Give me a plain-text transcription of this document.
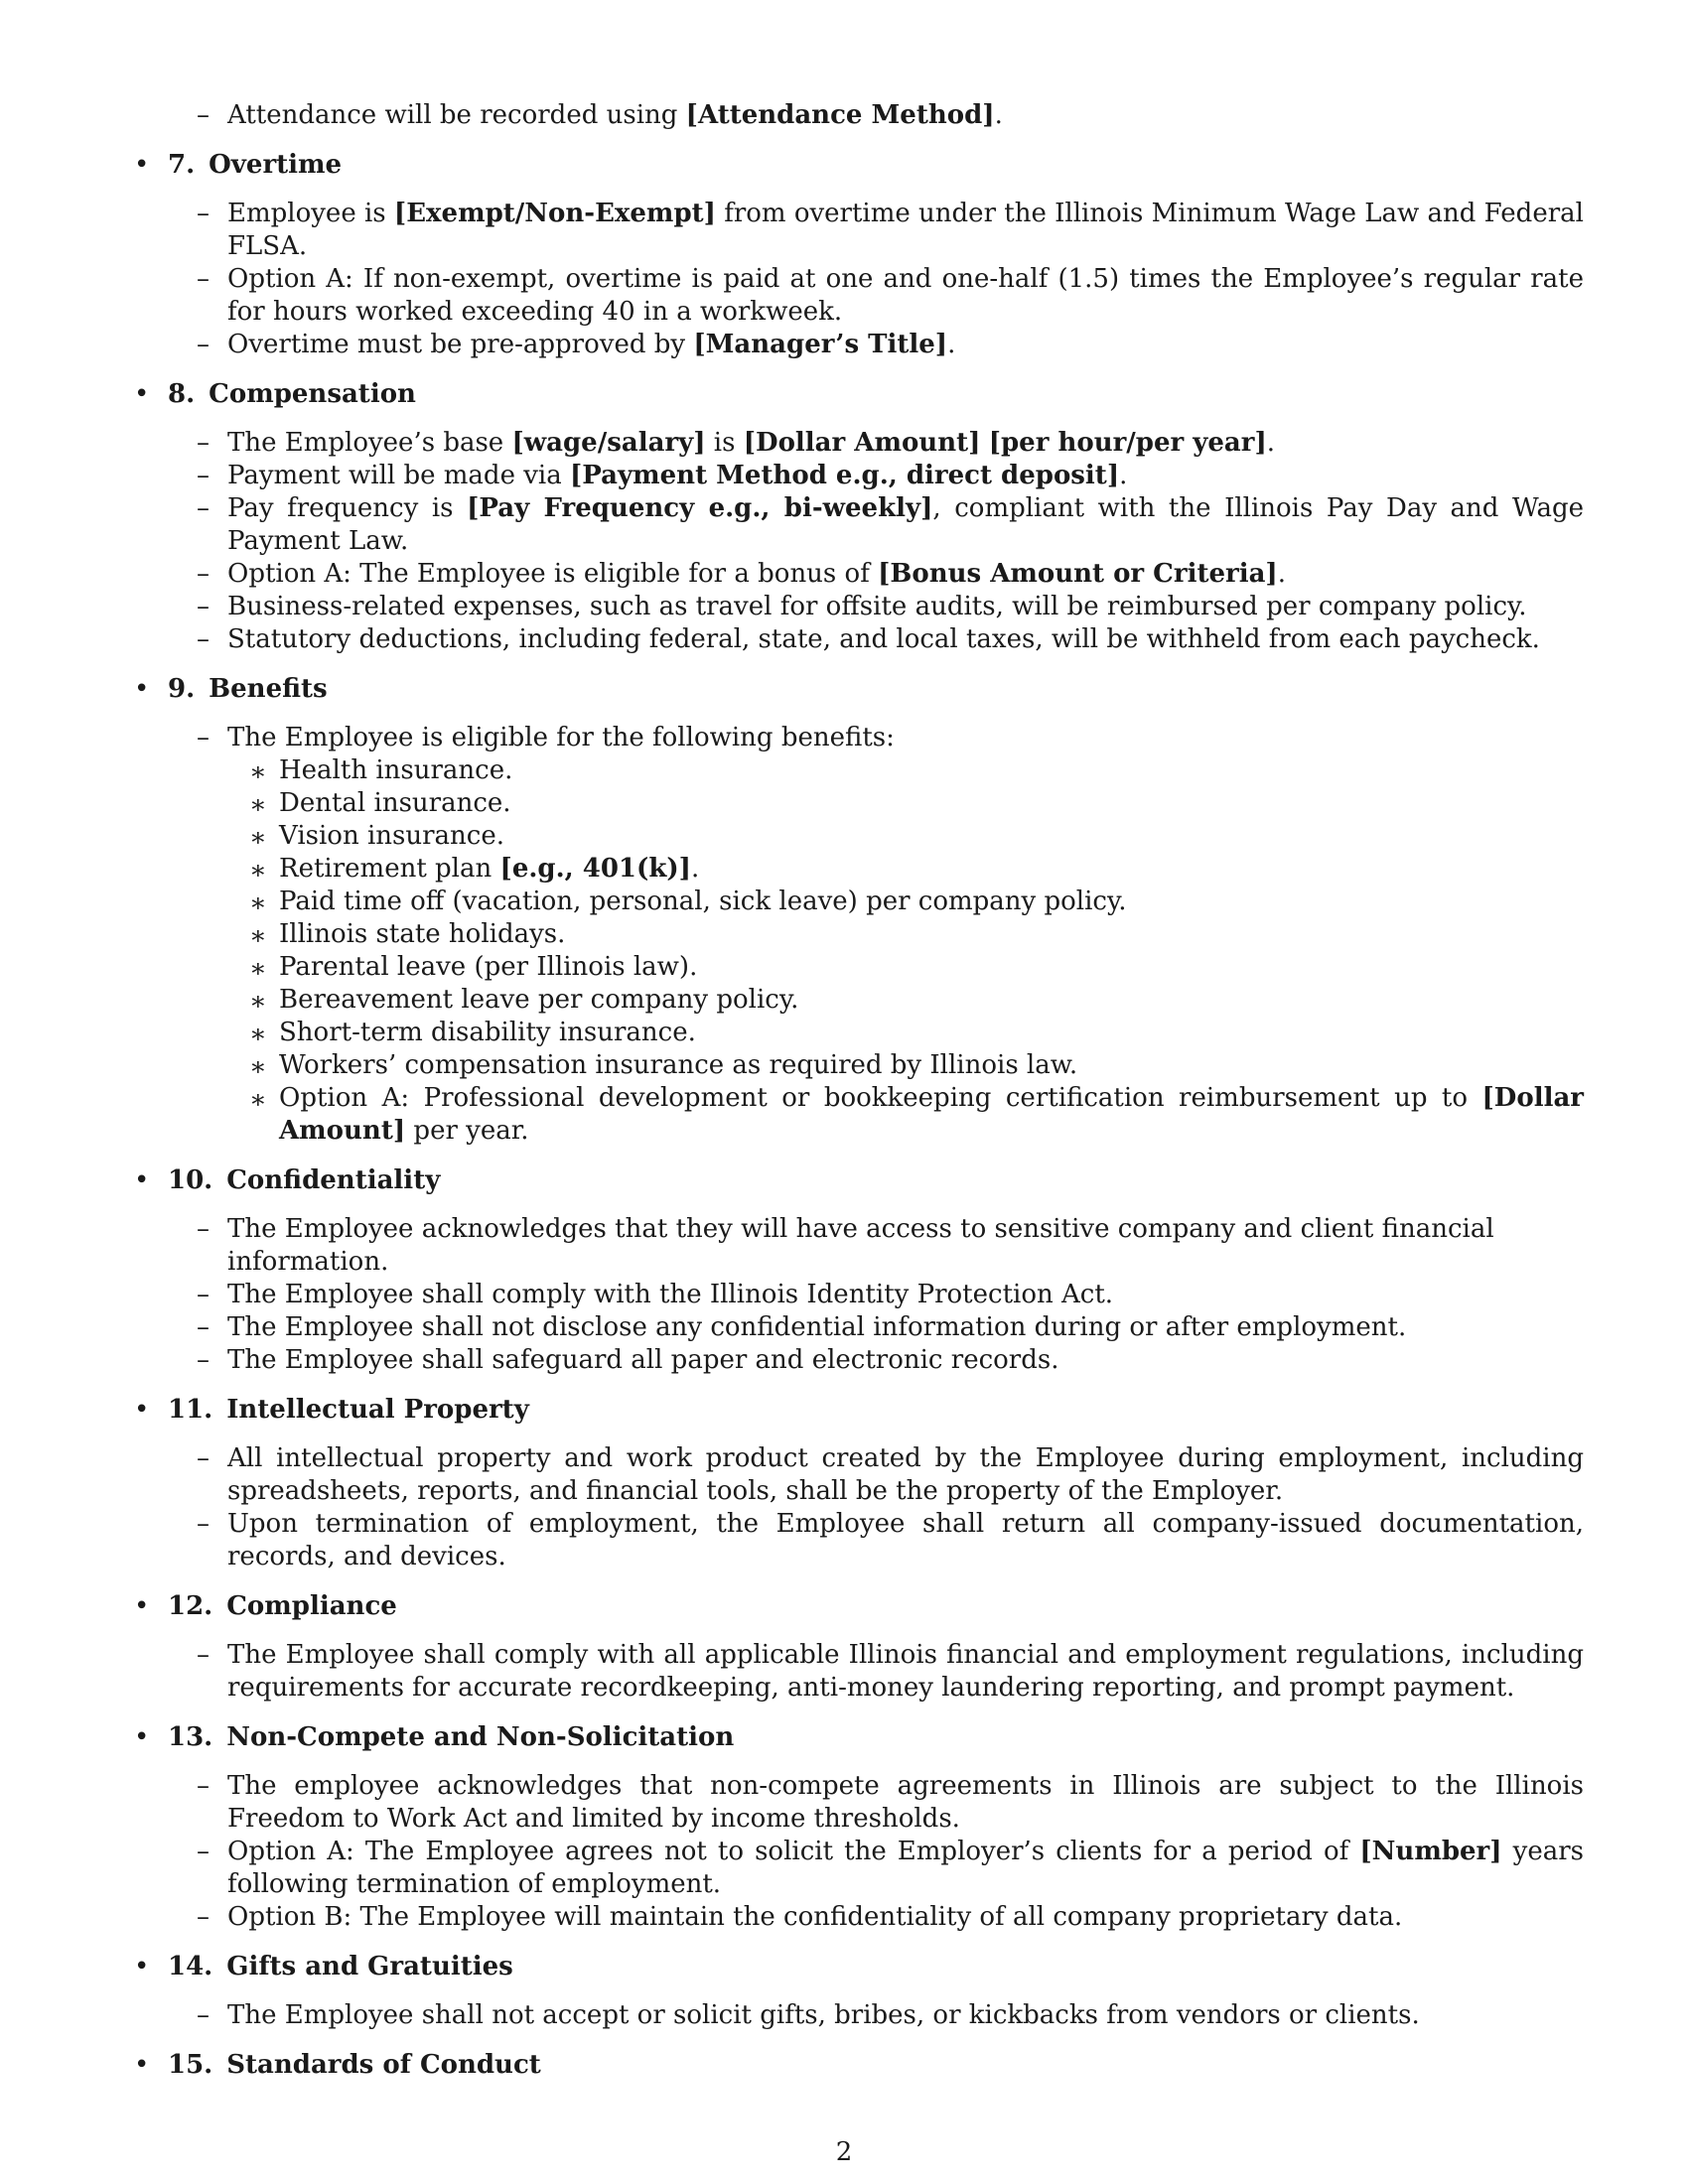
– Attendance will be recorded using [Attendance Method].

• 7. Overtime

– Employee is [Exempt/Non-Exempt] from overtime under the Illinois Minimum Wage Law and Federal FLSA.

– Option A: If non-exempt, overtime is paid at one and one-half (1.5) times the Employee’s regular rate for hours worked exceeding 40 in a workweek.

– Overtime must be pre-approved by [Manager’s Title].

• 8. Compensation

– The Employee’s base [wage/salary] is [Dollar Amount] [per hour/per year].

– Payment will be made via [Payment Method e.g., direct deposit].

– Pay frequency is [Pay Frequency e.g., bi-weekly], compliant with the Illinois Pay Day and Wage Payment Law.

– Option A: The Employee is eligible for a bonus of [Bonus Amount or Criteria].

– Business-related expenses, such as travel for offsite audits, will be reimbursed per company policy.

– Statutory deductions, including federal, state, and local taxes, will be withheld from each paycheck.

• 9. Benefits

– The Employee is eligible for the following benefits:

∗ Health insurance.
∗ Dental insurance.
∗ Vision insurance.
∗ Retirement plan [e.g., 401(k)].
∗ Paid time off (vacation, personal, sick leave) per company policy.
∗ Illinois state holidays.
∗ Parental leave (per Illinois law).
∗ Bereavement leave per company policy.
∗ Short-term disability insurance.
∗ Workers’ compensation insurance as required by Illinois law.
∗ Option A: Professional development or bookkeeping certification reimbursement up to [Dollar Amount] per year.
• 10. Confidentiality

– The Employee acknowledges that they will have access to sensitive company and client financial information.

– The Employee shall comply with the Illinois Identity Protection Act.

– The Employee shall not disclose any confidential information during or after employment.

– The Employee shall safeguard all paper and electronic records.

• 11. Intellectual Property

– All intellectual property and work product created by the Employee during employment, including spreadsheets, reports, and financial tools, shall be the property of the Employer.

– Upon termination of employment, the Employee shall return all company-issued documentation, records, and devices.

• 12. Compliance

– The Employee shall comply with all applicable Illinois financial and employment regulations, including requirements for accurate recordkeeping, anti-money laundering reporting, and prompt payment.

• 13. Non-Compete and Non-Solicitation

– The employee acknowledges that non-compete agreements in Illinois are subject to the Illinois Freedom to Work Act and limited by income thresholds.

– Option A: The Employee agrees not to solicit the Employer’s clients for a period of [Number] years following termination of employment.

– Option B: The Employee will maintain the confidentiality of all company proprietary data.

• 14. Gifts and Gratuities

– The Employee shall not accept or solicit gifts, bribes, or kickbacks from vendors or clients.

• 15. Standards of Conduct
2
